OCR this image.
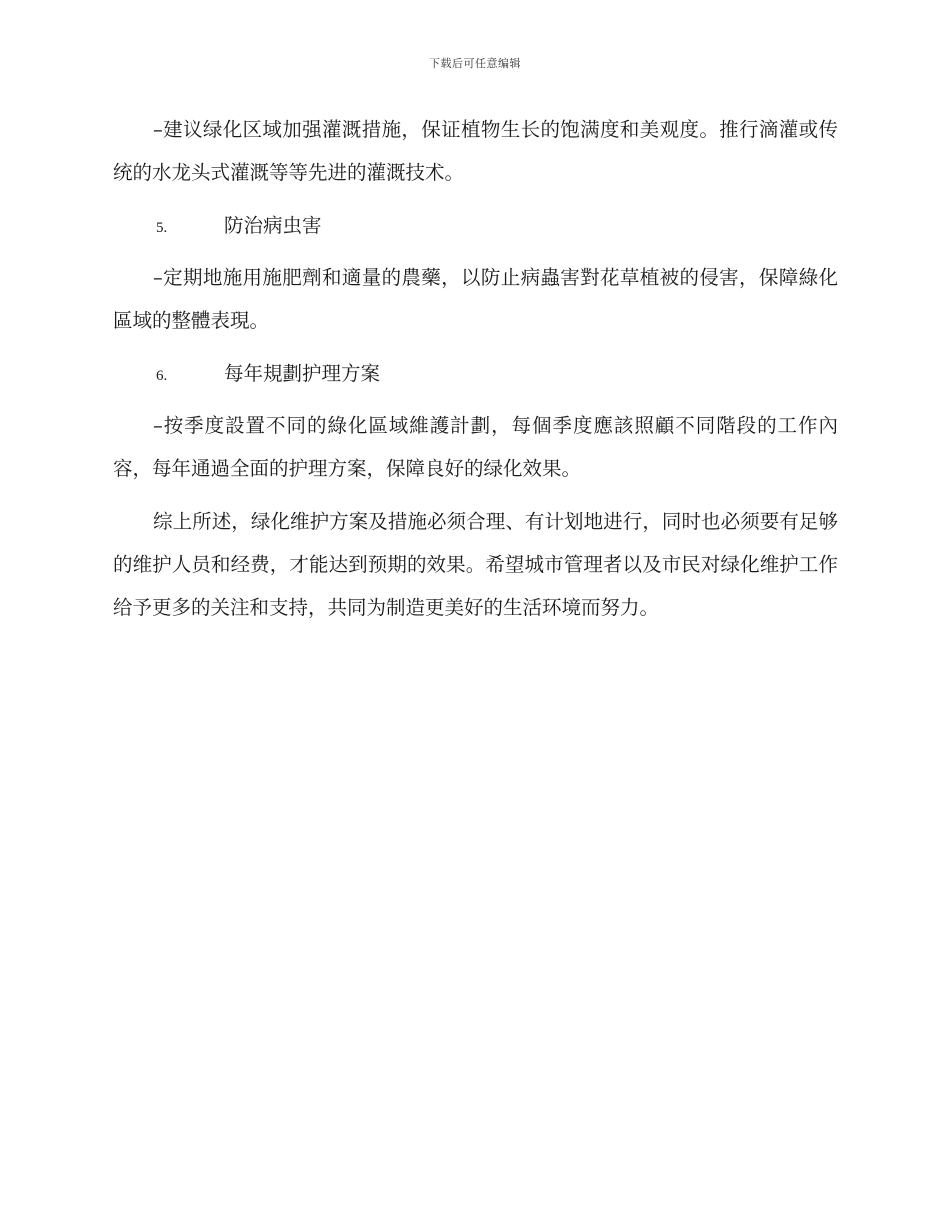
下载后可任意编辑

–建议绿化区域加强灌溉措施，保证植物生长的饱满度和美观度。推行滴灌或传统的水龙头式灌溉等等先进的灌溉技术。

5.	防治病虫害

–定期地施用施肥劑和適量的農藥，以防止病蟲害對花草植被的侵害，保障綠化區域的整體表現。

6.	每年規劃护理方案

–按季度設置不同的綠化區域維護計劃，每個季度應該照顧不同階段的工作內容，每年通過全面的护理方案，保障良好的绿化效果。

综上所述，绿化维护方案及措施必须合理、有计划地进行，同时也必须要有足够的维护人员和经费，才能达到预期的效果。希望城市管理者以及市民对绿化维护工作给予更多的关注和支持，共同为制造更美好的生活环境而努力。
